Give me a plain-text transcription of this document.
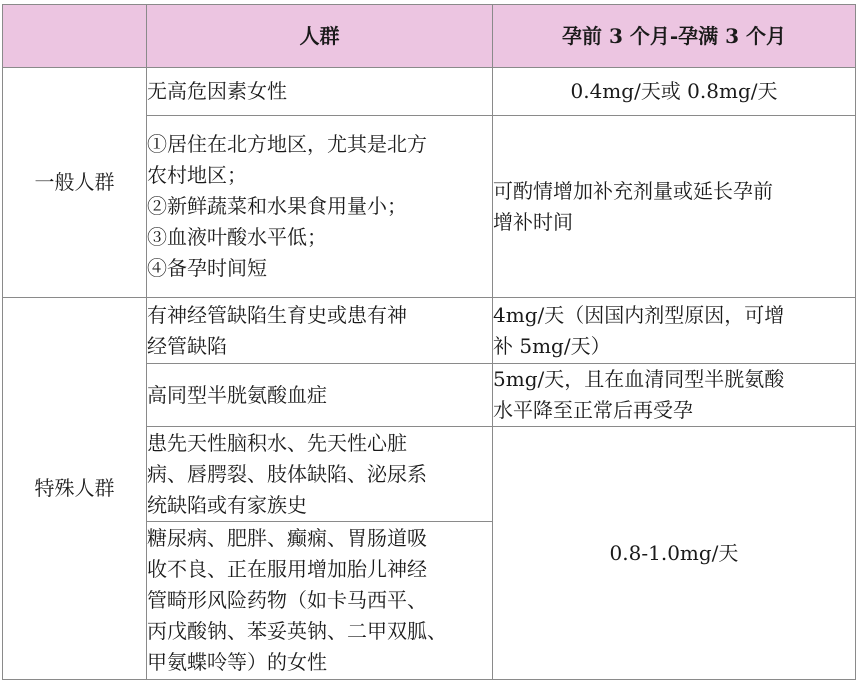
	人群	孕前 3 个月-孕满 3 个月
一般人群	无高危因素女性	0.4mg/天或 0.8mg/天

	①居住在北方地区，尤其是北方
农村地区；
②新鲜蔬菜和水果食用量小；
③血液叶酸水平低；
④备孕时间短	可酌情增加补充剂量或延长孕前
增补时间

特殊人群	有神经管缺陷生育史或患有神
经管缺陷	4mg/天（因国内剂型原因，可增
补 5mg/天）

	高同型半胱氨酸血症	5mg/天，且在血清同型半胱氨酸
水平降至正常后再受孕

	患先天性脑积水、先天性心脏
病、唇腭裂、肢体缺陷、泌尿系
统缺陷或有家族史	0.8-1.0mg/天

	糖尿病、肥胖、癫痫、胃肠道吸
收不良、正在服用增加胎儿神经
管畸形风险药物（如卡马西平、
丙戊酸钠、苯妥英钠、二甲双胍、
甲氨蝶呤等）的女性	
